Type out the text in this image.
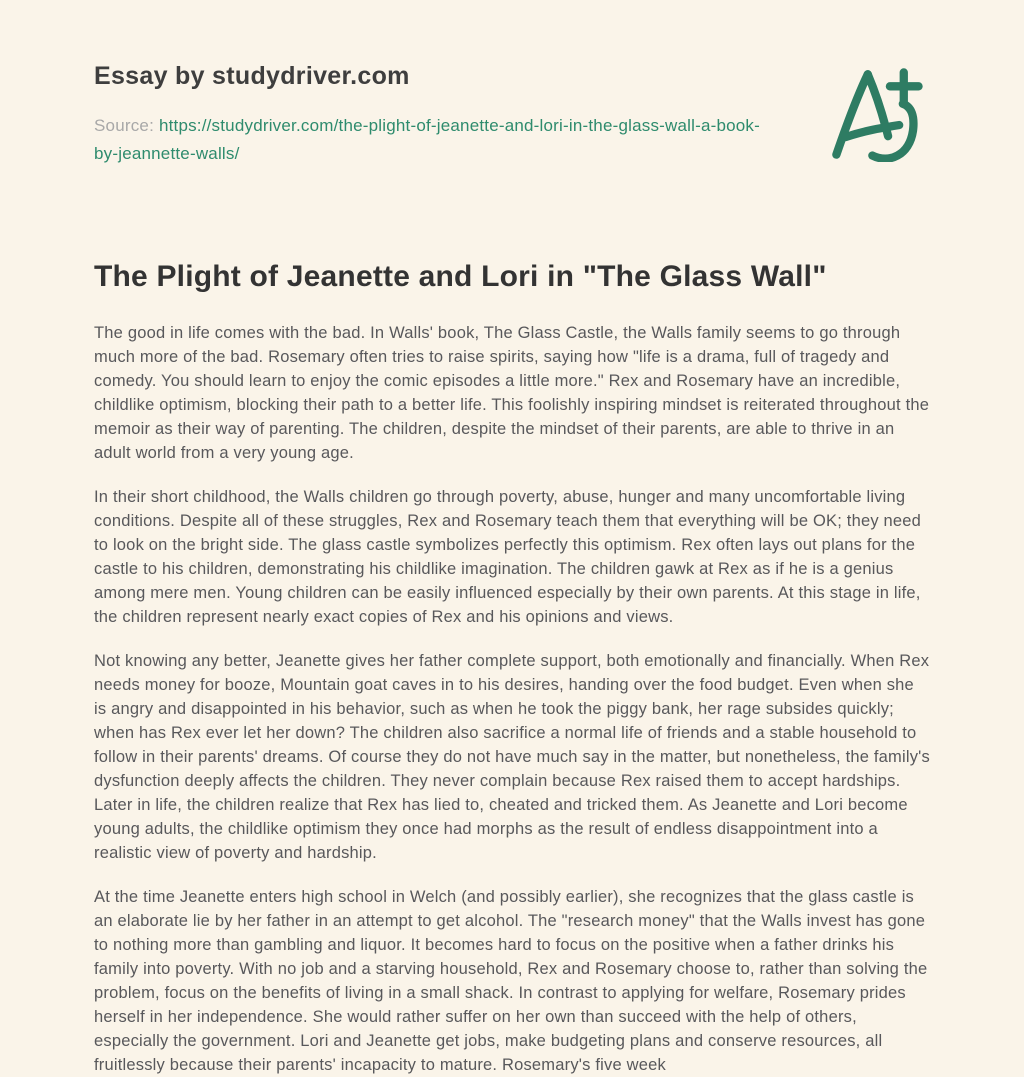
Essay by studydriver.com

Source: https://studydriver.com/the-plight-of-jeanette-and-lori-in-the-glass-wall-a-book-by-jeannette-walls/

The Plight of Jeanette and Lori in "The Glass Wall"

The good in life comes with the bad. In Walls' book, The Glass Castle, the Walls family seems to go through much more of the bad. Rosemary often tries to raise spirits, saying how "life is a drama, full of tragedy and comedy. You should learn to enjoy the comic episodes a little more." Rex and Rosemary have an incredible, childlike optimism, blocking their path to a better life. This foolishly inspiring mindset is reiterated throughout the memoir as their way of parenting. The children, despite the mindset of their parents, are able to thrive in an adult world from a very young age.

In their short childhood, the Walls children go through poverty, abuse, hunger and many uncomfortable living conditions. Despite all of these struggles, Rex and Rosemary teach them that everything will be OK; they need to look on the bright side. The glass castle symbolizes perfectly this optimism. Rex often lays out plans for the castle to his children, demonstrating his childlike imagination. The children gawk at Rex as if he is a genius among mere men. Young children can be easily influenced especially by their own parents. At this stage in life, the children represent nearly exact copies of Rex and his opinions and views.

Not knowing any better, Jeanette gives her father complete support, both emotionally and financially. When Rex needs money for booze, Mountain goat caves in to his desires, handing over the food budget. Even when she is angry and disappointed in his behavior, such as when he took the piggy bank, her rage subsides quickly; when has Rex ever let her down? The children also sacrifice a normal life of friends and a stable household to follow in their parents' dreams. Of course they do not have much say in the matter, but nonetheless, the family's dysfunction deeply affects the children. They never complain because Rex raised them to accept hardships. Later in life, the children realize that Rex has lied to, cheated and tricked them. As Jeanette and Lori become young adults, the childlike optimism they once had morphs as the result of endless disappointment into a realistic view of poverty and hardship.

At the time Jeanette enters high school in Welch (and possibly earlier), she recognizes that the glass castle is an elaborate lie by her father in an attempt to get alcohol. The "research money" that the Walls invest has gone to nothing more than gambling and liquor. It becomes hard to focus on the positive when a father drinks his family into poverty. With no job and a starving household, Rex and Rosemary choose to, rather than solving the problem, focus on the benefits of living in a small shack. In contrast to applying for welfare, Rosemary prides herself in her independence. She would rather suffer on her own than succeed with the help of others, especially the government. Lori and Jeanette get jobs, make budgeting plans and conserve resources, all fruitlessly because their parents' incapacity to mature. Rosemary's five week
